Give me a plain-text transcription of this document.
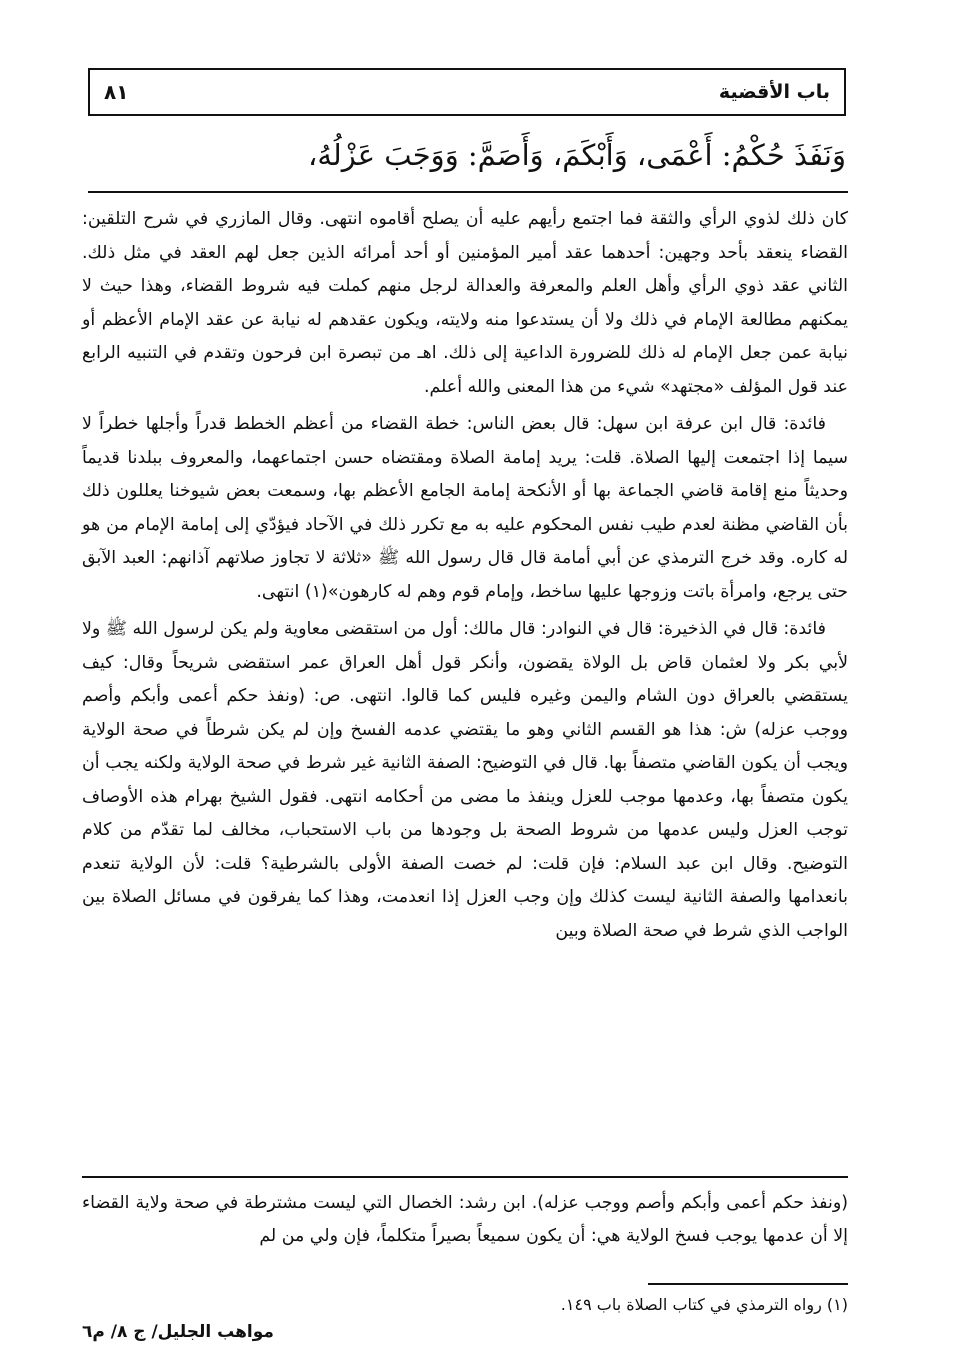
باب الأقضية
٨١
وَنَفَذَ حُكْمُ: أَعْمَى، وَأَبْكَمَ، وَأَصَمَّ: وَوَجَبَ عَزْلُهُ،

كان ذلك لذوي الرأي والثقة فما اجتمع رأيهم عليه أن يصلح أقاموه انتهى. وقال المازري في شرح التلقين: القضاء ينعقد بأحد وجهين: أحدهما عقد أمير المؤمنين أو أحد أمرائه الذين جعل لهم العقد في مثل ذلك. الثاني عقد ذوي الرأي وأهل العلم والمعرفة والعدالة لرجل منهم كملت فيه شروط القضاء، وهذا حيث لا يمكنهم مطالعة الإمام في ذلك ولا أن يستدعوا منه ولايته، ويكون عقدهم له نيابة عن عقد الإمام الأعظم أو نيابة عمن جعل الإمام له ذلك للضرورة الداعية إلى ذلك. اهـ من تبصرة ابن فرحون وتقدم في التنبيه الرابع عند قول المؤلف «مجتهد» شيء من هذا المعنى والله أعلم.

فائدة: قال ابن عرفة ابن سهل: قال بعض الناس: خطة القضاء من أعظم الخطط قدراً وأجلها خطراً لا سيما إذا اجتمعت إليها الصلاة. قلت: يريد إمامة الصلاة ومقتضاه حسن اجتماعهما، والمعروف ببلدنا قديماً وحديثاً منع إقامة قاضي الجماعة بها أو الأنكحة إمامة الجامع الأعظم بها، وسمعت بعض شيوخنا يعللون ذلك بأن القاضي مظنة لعدم طيب نفس المحكوم عليه به مع تكرر ذلك في الآحاد فيؤدّي إلى إمامة الإمام من هو له كاره. وقد خرج الترمذي عن أبي أمامة قال قال رسول الله ﷺ «ثلاثة لا تجاوز صلاتهم آذانهم: العبد الآبق حتى يرجع، وامرأة باتت وزوجها عليها ساخط، وإمام قوم وهم له كارهون»(١) انتهى.

فائدة: قال في الذخيرة: قال في النوادر: قال مالك: أول من استقضى معاوية ولم يكن لرسول الله ﷺ ولا لأبي بكر ولا لعثمان قاض بل الولاة يقضون، وأنكر قول أهل العراق عمر استقضى شريحاً وقال: كيف يستقضي بالعراق دون الشام واليمن وغيره فليس كما قالوا. انتهى. ص: (ونفذ حكم أعمى وأبكم وأصم ووجب عزله) ش: هذا هو القسم الثاني وهو ما يقتضي عدمه الفسخ وإن لم يكن شرطاً في صحة الولاية ويجب أن يكون القاضي متصفاً بها. قال في التوضيح: الصفة الثانية غير شرط في صحة الولاية ولكنه يجب أن يكون متصفاً بها، وعدمها موجب للعزل وينفذ ما مضى من أحكامه انتهى. فقول الشيخ بهرام هذه الأوصاف توجب العزل وليس عدمها من شروط الصحة بل وجودها من باب الاستحباب، مخالف لما تقدّم من كلام التوضيح. وقال ابن عبد السلام: فإن قلت: لم خصت الصفة الأولى بالشرطية؟ قلت: لأن الولاية تنعدم بانعدامها والصفة الثانية ليست كذلك وإن وجب العزل إذا انعدمت، وهذا كما يفرقون في مسائل الصلاة بين الواجب الذي شرط في صحة الصلاة وبين

(ونفذ حكم أعمى وأبكم وأصم ووجب عزله). ابن رشد: الخصال التي ليست مشترطة في صحة ولاية القضاء إلا أن عدمها يوجب فسخ الولاية هي: أن يكون سميعاً بصيراً متكلماً، فإن ولي من لم

(١) رواه الترمذي في كتاب الصلاة باب ١٤٩.
مواهب الجليل/ ج ٨/ م٦
